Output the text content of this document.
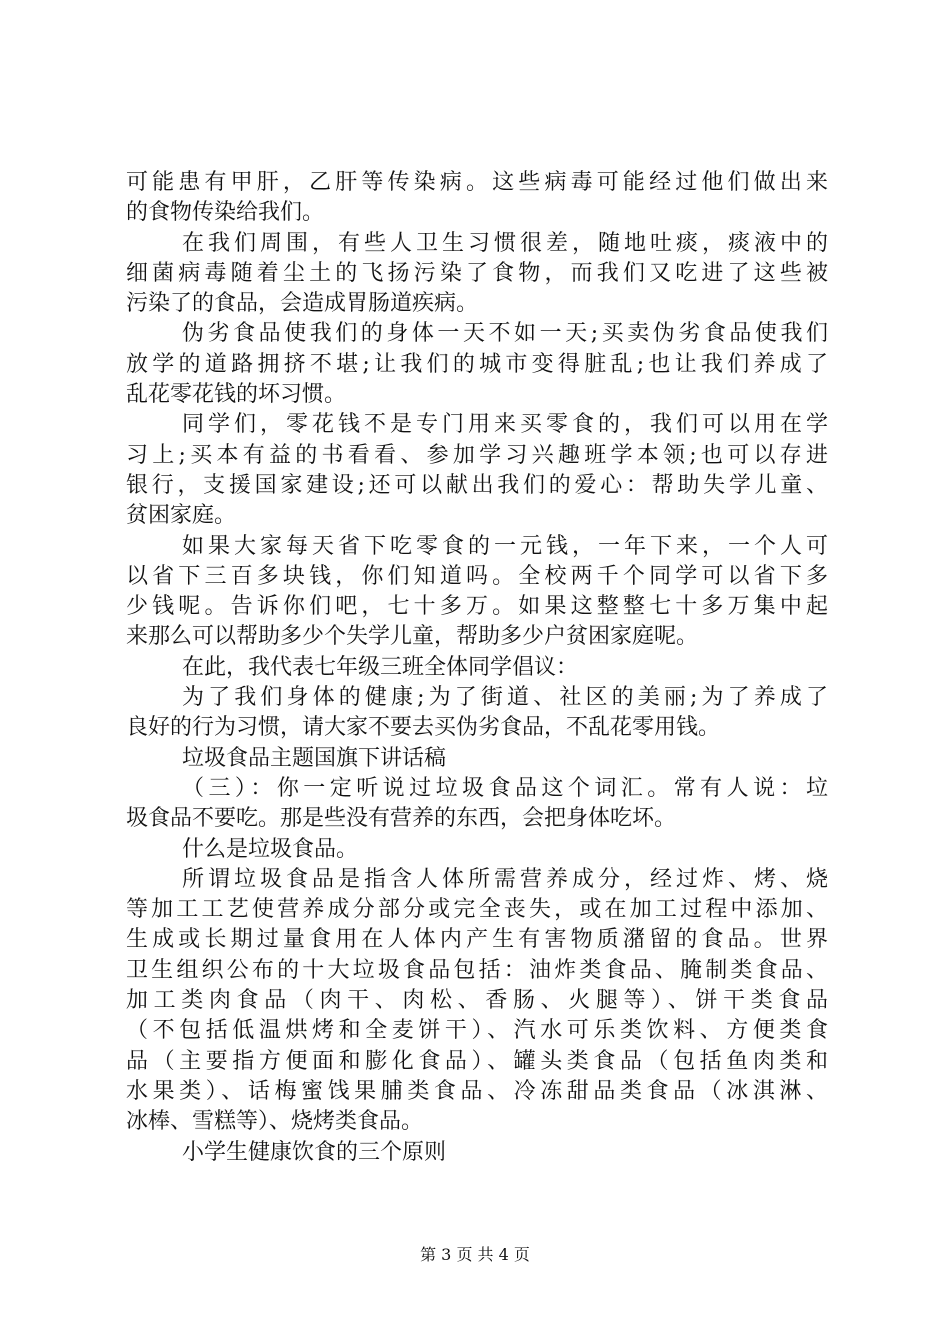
可能患有甲肝，乙肝等传染病。这些病毒可能经过他们做出来
的食物传染给我们。
在我们周围，有些人卫生习惯很差，随地吐痰，痰液中的
细菌病毒随着尘土的飞扬污染了食物，而我们又吃进了这些被
污染了的食品，会造成胃肠道疾病。
伪劣食品使我们的身体一天不如一天;买卖伪劣食品使我们
放学的道路拥挤不堪;让我们的城市变得脏乱;也让我们养成了
乱花零花钱的坏习惯。
同学们，零花钱不是专门用来买零食的，我们可以用在学
习上;买本有益的书看看、参加学习兴趣班学本领;也可以存进
银行，支援国家建设;还可以献出我们的爱心：帮助失学儿童、
贫困家庭。
如果大家每天省下吃零食的一元钱，一年下来，一个人可
以省下三百多块钱，你们知道吗。全校两千个同学可以省下多
少钱呢。告诉你们吧，七十多万。如果这整整七十多万集中起
来那么可以帮助多少个失学儿童，帮助多少户贫困家庭呢。
在此，我代表七年级三班全体同学倡议：
为了我们身体的健康;为了街道、社区的美丽;为了养成了
良好的行为习惯，请大家不要去买伪劣食品，不乱花零用钱。
垃圾食品主题国旗下讲话稿
（三）：你一定听说过垃圾食品这个词汇。常有人说：垃
圾食品不要吃。那是些没有营养的东西，会把身体吃坏。
什么是垃圾食品。
所谓垃圾食品是指含人体所需营养成分，经过炸、烤、烧
等加工工艺使营养成分部分或完全丧失，或在加工过程中添加、
生成或长期过量食用在人体内产生有害物质潴留的食品。世界
卫生组织公布的十大垃圾食品包括：油炸类食品、腌制类食品、
加工类肉食品（肉干、肉松、香肠、火腿等）、饼干类食品
（不包括低温烘烤和全麦饼干）、汽水可乐类饮料、方便类食
品（主要指方便面和膨化食品）、罐头类食品（包括鱼肉类和
水果类）、话梅蜜饯果脯类食品、冷冻甜品类食品（冰淇淋、
冰棒、雪糕等）、烧烤类食品。
小学生健康饮食的三个原则
第 3 页 共 4 页
